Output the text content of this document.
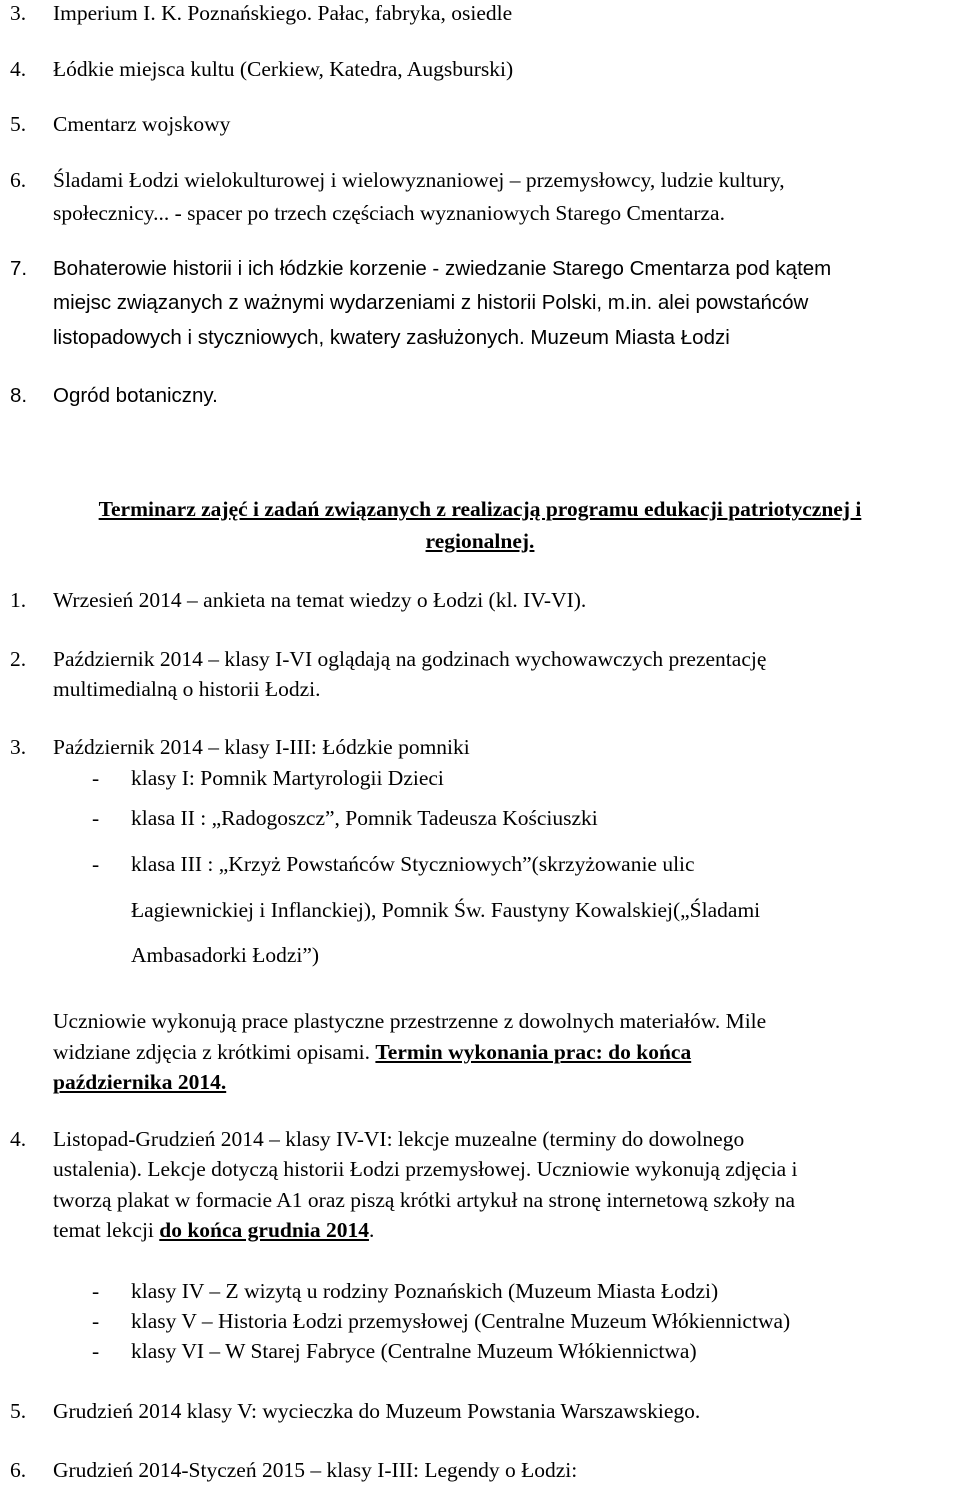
3. Imperium I. K. Poznańskiego. Pałac, fabryka, osiedle
4. Łódkie miejsca kultu (Cerkiew, Katedra, Augsburski)
5. Cmentarz wojskowy
6. Śladami Łodzi wielokulturowej i wielowyznaniowej – przemysłowcy, ludzie kultury,
społecznicy... - spacer po trzech częściach wyznaniowych Starego Cmentarza.
7. Bohaterowie historii i ich łódzkie korzenie - zwiedzanie Starego Cmentarza pod kątem
miejsc związanych z ważnymi wydarzeniami z historii Polski, m.in. alei powstańców
listopadowych i styczniowych, kwatery zasłużonych. Muzeum Miasta Łodzi
8. Ogród botaniczny.
Terminarz zajęć i zadań związanych z realizacją programu edukacji patriotycznej i
regionalnej.
1. Wrzesień 2014 – ankieta na temat wiedzy o Łodzi (kl. IV-VI).
2. Październik 2014 – klasy I-VI oglądają na godzinach wychowawczych prezentację
multimedialną o historii Łodzi.
3. Październik 2014 – klasy I-III: Łódzkie pomniki
- klasy I: Pomnik Martyrologii Dzieci
- klasa II : „Radogoszcz”, Pomnik Tadeusza Kościuszki
- klasa III : „Krzyż Powstańców Styczniowych”(skrzyżowanie ulic
Łagiewnickiej i Inflanckiej), Pomnik Św. Faustyny Kowalskiej(„Śladami
Ambasadorki Łodzi”)
Uczniowie wykonują prace plastyczne przestrzenne z dowolnych materiałów. Mile
widziane zdjęcia z krótkimi opisami. Termin wykonania prac: do końca
października 2014.
4. Listopad-Grudzień 2014 – klasy IV-VI: lekcje muzealne (terminy do dowolnego
ustalenia). Lekcje dotyczą historii Łodzi przemysłowej. Uczniowie wykonują zdjęcia i
tworzą plakat w formacie A1 oraz piszą krótki artykuł na stronę internetową szkoły na
temat lekcji do końca grudnia 2014.
- klasy IV – Z wizytą u rodziny Poznańskich (Muzeum Miasta Łodzi)
- klasy V – Historia Łodzi przemysłowej (Centralne Muzeum Włókiennictwa)
- klasy VI – W Starej Fabryce (Centralne Muzeum Włókiennictwa)
5. Grudzień 2014 klasy V: wycieczka do Muzeum Powstania Warszawskiego.
6. Grudzień 2014-Styczeń 2015 – klasy I-III: Legendy o Łodzi:
